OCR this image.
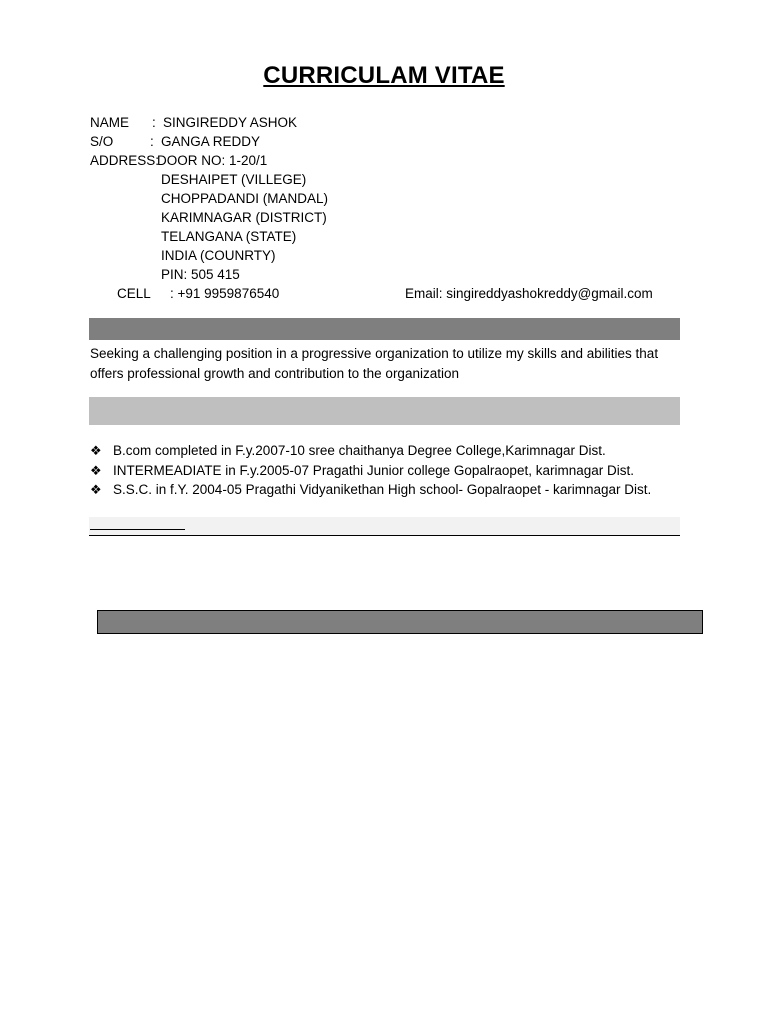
CURRICULAM VITAE
NAME : SINGIREDDY ASHOK
S/O	: GANGA REDDY
ADDRESS:
DOOR NO: 1-20/1
DESHAIPET (VILLEGE)
CHOPPADANDI (MANDAL)
KARIMNAGAR (DISTRICT)
TELANGANA (STATE)
INDIA (COUNRTY)
PIN: 505 415
CELL : +91 9959876540	Email: singireddyashokreddy@gmail.com
Seeking a challenging position in a progressive organization to utilize my skills and abilities that offers professional growth and contribution to the organization
❖ B.com completed in F.y.2007-10 sree chaithanya Degree College,Karimnagar Dist.
❖ INTERMEADIATE in F.y.2005-07 Pragathi Junior college Gopalraopet, karimnagar Dist.
❖ S.S.C. in f.Y. 2004-05 Pragathi Vidyanikethan High school- Gopalraopet - karimnagar Dist.
